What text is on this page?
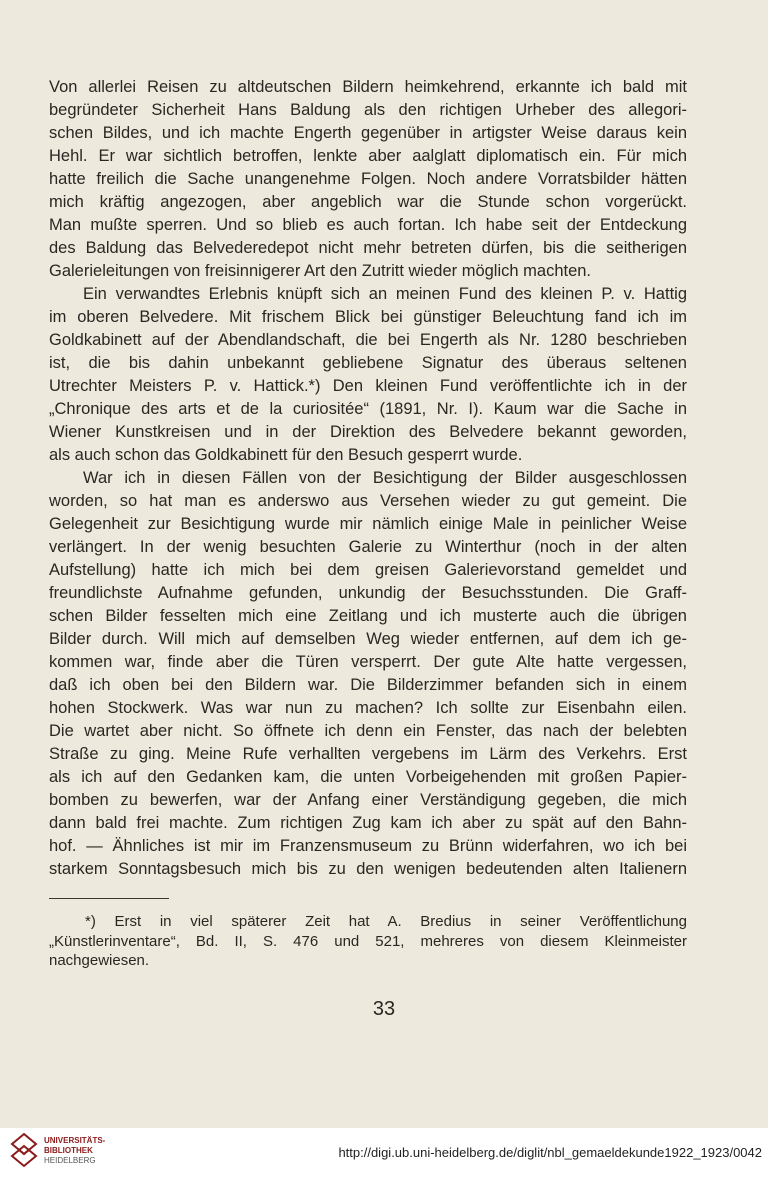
Von allerlei Reisen zu altdeutschen Bildern heimkehrend, erkannte ich bald mit
begründeter Sicherheit Hans Baldung als den richtigen Urheber des allegori-
schen Bildes, und ich machte Engerth gegenüber in artigster Weise daraus kein
Hehl. Er war sichtlich betroffen, lenkte aber aalglatt diplomatisch ein. Für mich
hatte freilich die Sache unangenehme Folgen. Noch andere Vorratsbilder hätten
mich kräftig angezogen, aber angeblich war die Stunde schon vorgerückt.
Man mußte sperren. Und so blieb es auch fortan. Ich habe seit der Entdeckung
des Baldung das Belvederedepot nicht mehr betreten dürfen, bis die seitherigen
Galerieleitungen von freisinnigerer Art den Zutritt wieder möglich machten.
Ein verwandtes Erlebnis knüpft sich an meinen Fund des kleinen P. v. Hattig
im oberen Belvedere. Mit frischem Blick bei günstiger Beleuchtung fand ich im
Goldkabinett auf der Abendlandschaft, die bei Engerth als Nr. 1280 beschrieben
ist, die bis dahin unbekannt gebliebene Signatur des überaus seltenen
Utrechter Meisters P. v. Hattick.*) Den kleinen Fund veröffentlichte ich in der
„Chronique des arts et de la curiositée“ (1891, Nr. I). Kaum war die Sache in
Wiener Kunstkreisen und in der Direktion des Belvedere bekannt geworden,
als auch schon das Goldkabinett für den Besuch gesperrt wurde.
War ich in diesen Fällen von der Besichtigung der Bilder ausgeschlossen
worden, so hat man es anderswo aus Versehen wieder zu gut gemeint. Die
Gelegenheit zur Besichtigung wurde mir nämlich einige Male in peinlicher Weise
verlängert. In der wenig besuchten Galerie zu Winterthur (noch in der alten
Aufstellung) hatte ich mich bei dem greisen Galerievorstand gemeldet und
freundlichste Aufnahme gefunden, unkundig der Besuchsstunden. Die Graff-
schen Bilder fesselten mich eine Zeitlang und ich musterte auch die übrigen
Bilder durch. Will mich auf demselben Weg wieder entfernen, auf dem ich ge-
kommen war, finde aber die Türen versperrt. Der gute Alte hatte vergessen,
daß ich oben bei den Bildern war. Die Bilderzimmer befanden sich in einem
hohen Stockwerk. Was war nun zu machen? Ich sollte zur Eisenbahn eilen.
Die wartet aber nicht. So öffnete ich denn ein Fenster, das nach der belebten
Straße zu ging. Meine Rufe verhallten vergebens im Lärm des Verkehrs. Erst
als ich auf den Gedanken kam, die unten Vorbeigehenden mit großen Papier-
bomben zu bewerfen, war der Anfang einer Verständigung gegeben, die mich
dann bald frei machte. Zum richtigen Zug kam ich aber zu spät auf den Bahn-
hof. — Ähnliches ist mir im Franzensmuseum zu Brünn widerfahren, wo ich bei
starkem Sonntagsbesuch mich bis zu den wenigen bedeutenden alten Italienern
*) Erst in viel späterer Zeit hat A. Bredius in seiner Veröffentlichung
„Künstlerinventare“, Bd. II, S. 476 und 521, mehreres von diesem Kleinmeister
nachgewiesen.
33
UNIVERSITÄTS-
BIBLIOTHEK
HEIDELBERG
http://digi.ub.uni-heidelberg.de/diglit/nbl_gemaeldekunde1922_1923/0042
